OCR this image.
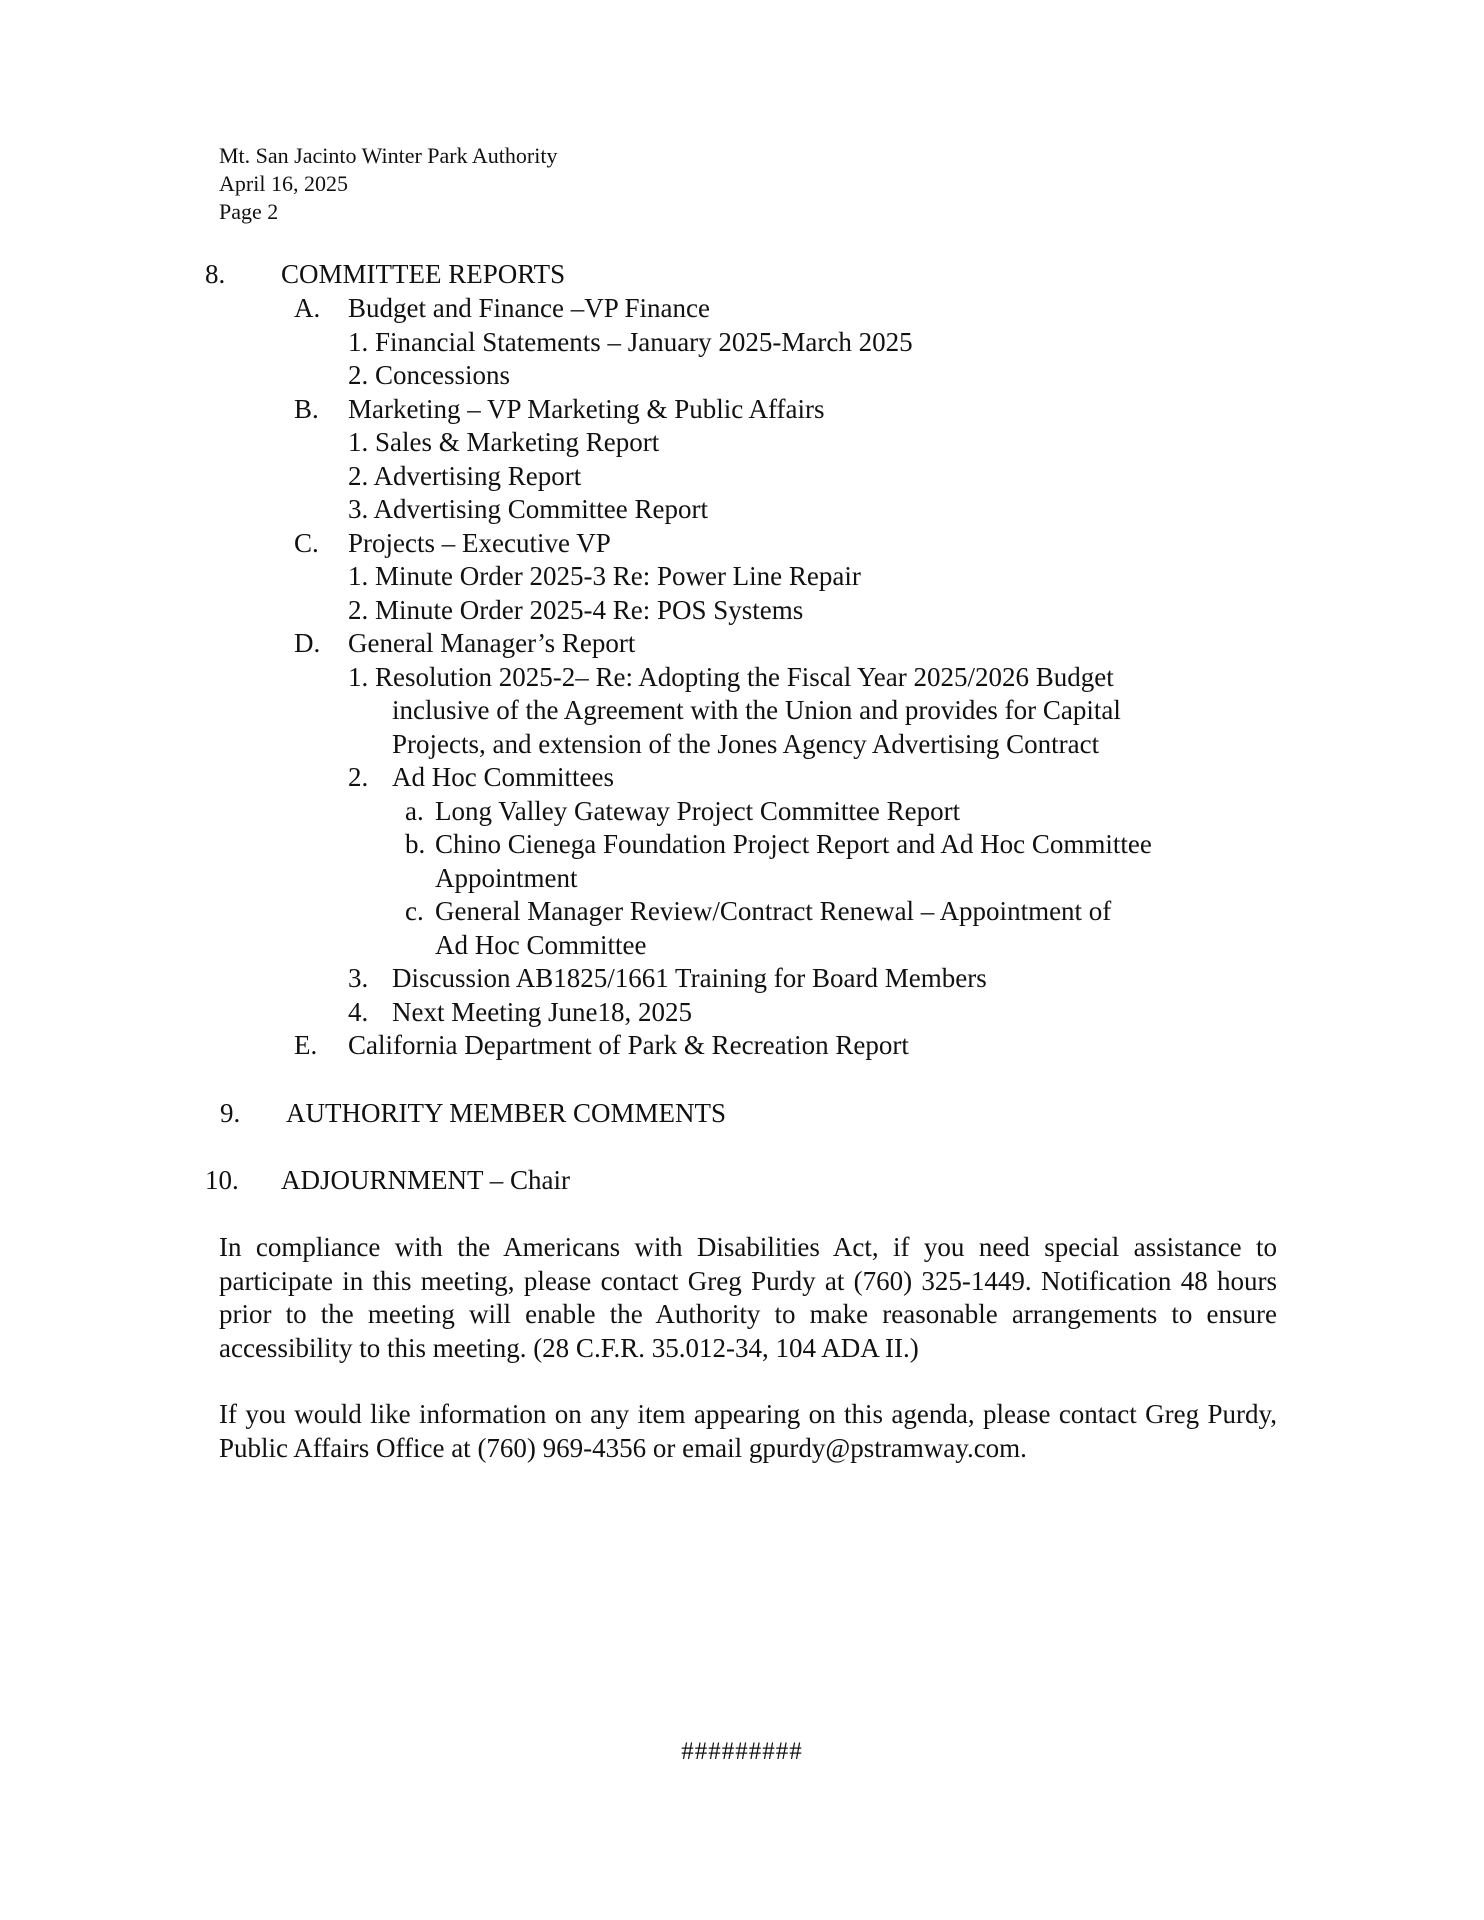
Mt. San Jacinto Winter Park Authority
April 16, 2025
Page 2
8. COMMITTEE REPORTS
A. Budget and Finance –VP Finance
1. Financial Statements – January 2025-March 2025
2. Concessions
B. Marketing – VP Marketing & Public Affairs
1. Sales & Marketing Report
2. Advertising Report
3. Advertising Committee Report
C. Projects – Executive VP
1. Minute Order 2025-3 Re: Power Line Repair
2. Minute Order 2025-4 Re: POS Systems
D. General Manager’s Report
1. Resolution 2025-2– Re: Adopting the Fiscal Year 2025/2026 Budget
inclusive of the Agreement with the Union and provides for Capital
Projects, and extension of the Jones Agency Advertising Contract
2. Ad Hoc Committees
a. Long Valley Gateway Project Committee Report
b. Chino Cienega Foundation Project Report and Ad Hoc Committee
Appointment
c. General Manager Review/Contract Renewal – Appointment of
Ad Hoc Committee
3. Discussion AB1825/1661 Training for Board Members
4. Next Meeting June18, 2025
E. California Department of Park & Recreation Report
9. AUTHORITY MEMBER COMMENTS
10. ADJOURNMENT – Chair
In compliance with the Americans with Disabilities Act, if you need special assistance to participate in this meeting, please contact Greg Purdy at (760) 325-1449. Notification 48 hours prior to the meeting will enable the Authority to make reasonable arrangements to ensure accessibility to this meeting. (28 C.F.R. 35.012-34, 104 ADA II.)
If you would like information on any item appearing on this agenda, please contact Greg Purdy, Public Affairs Office at (760) 969-4356 or email gpurdy@pstramway.com.
#########
